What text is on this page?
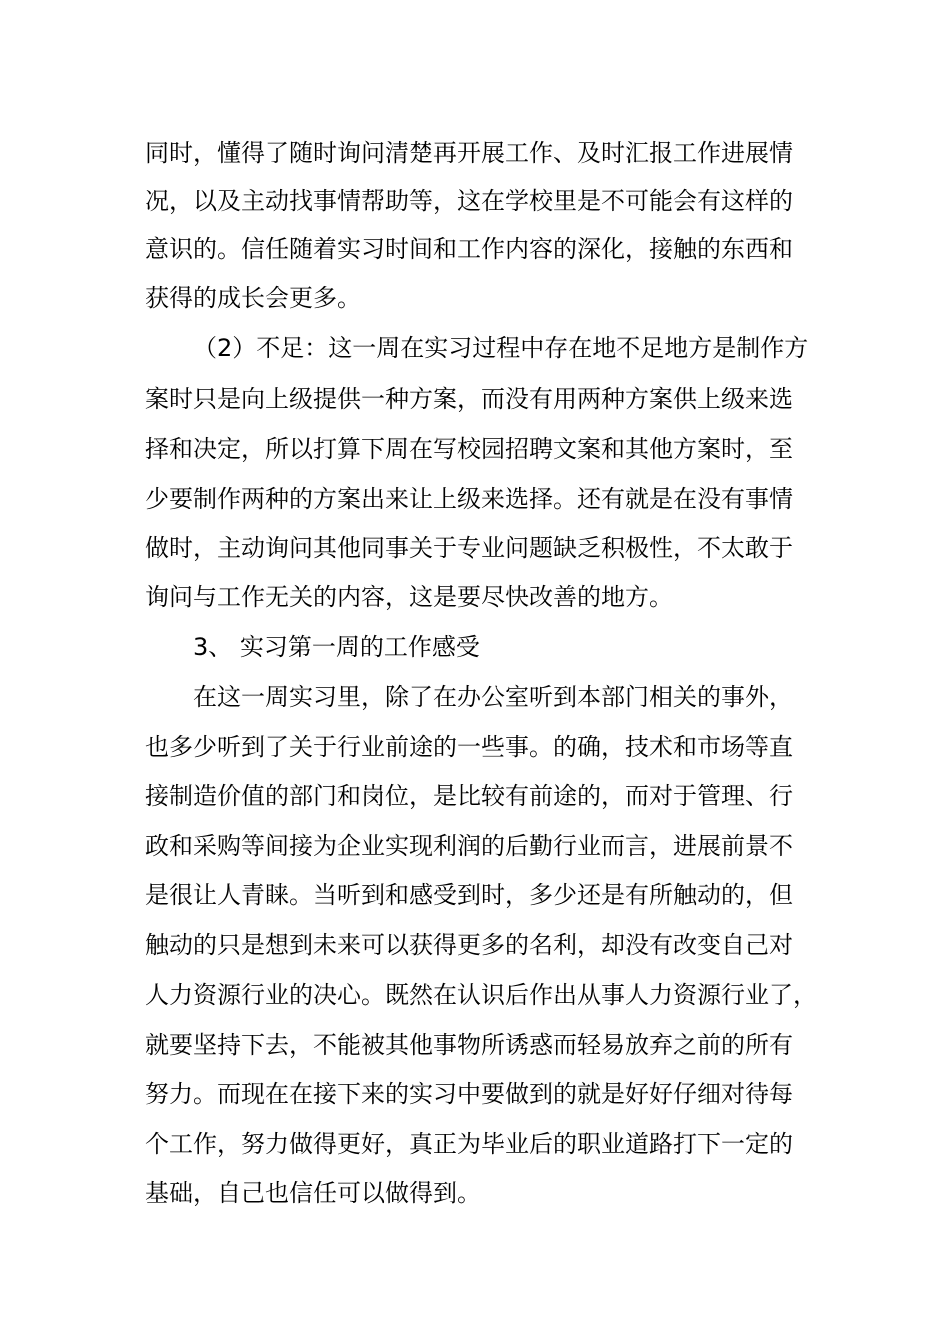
同时，懂得了随时询问清楚再开展工作、及时汇报工作进展情
况，以及主动找事情帮助等，这在学校里是不可能会有这样的
意识的。信任随着实习时间和工作内容的深化，接触的东西和
获得的成长会更多。
（2）不足：这一周在实习过程中存在地不足地方是制作方
案时只是向上级提供一种方案，而没有用两种方案供上级来选
择和决定，所以打算下周在写校园招聘文案和其他方案时，至
少要制作两种的方案出来让上级来选择。还有就是在没有事情
做时，主动询问其他同事关于专业问题缺乏积极性，不太敢于
询问与工作无关的内容，这是要尽快改善的地方。
3、 实习第一周的工作感受
在这一周实习里，除了在办公室听到本部门相关的事外，
也多少听到了关于行业前途的一些事。的确，技术和市场等直
接制造价值的部门和岗位，是比较有前途的，而对于管理、行
政和采购等间接为企业实现利润的后勤行业而言，进展前景不
是很让人青睐。当听到和感受到时，多少还是有所触动的，但
触动的只是想到未来可以获得更多的名利，却没有改变自己对
人力资源行业的决心。既然在认识后作出从事人力资源行业了，
就要坚持下去，不能被其他事物所诱惑而轻易放弃之前的所有
努力。而现在在接下来的实习中要做到的就是好好仔细对待每
个工作，努力做得更好，真正为毕业后的职业道路打下一定的
基础，自己也信任可以做得到。
